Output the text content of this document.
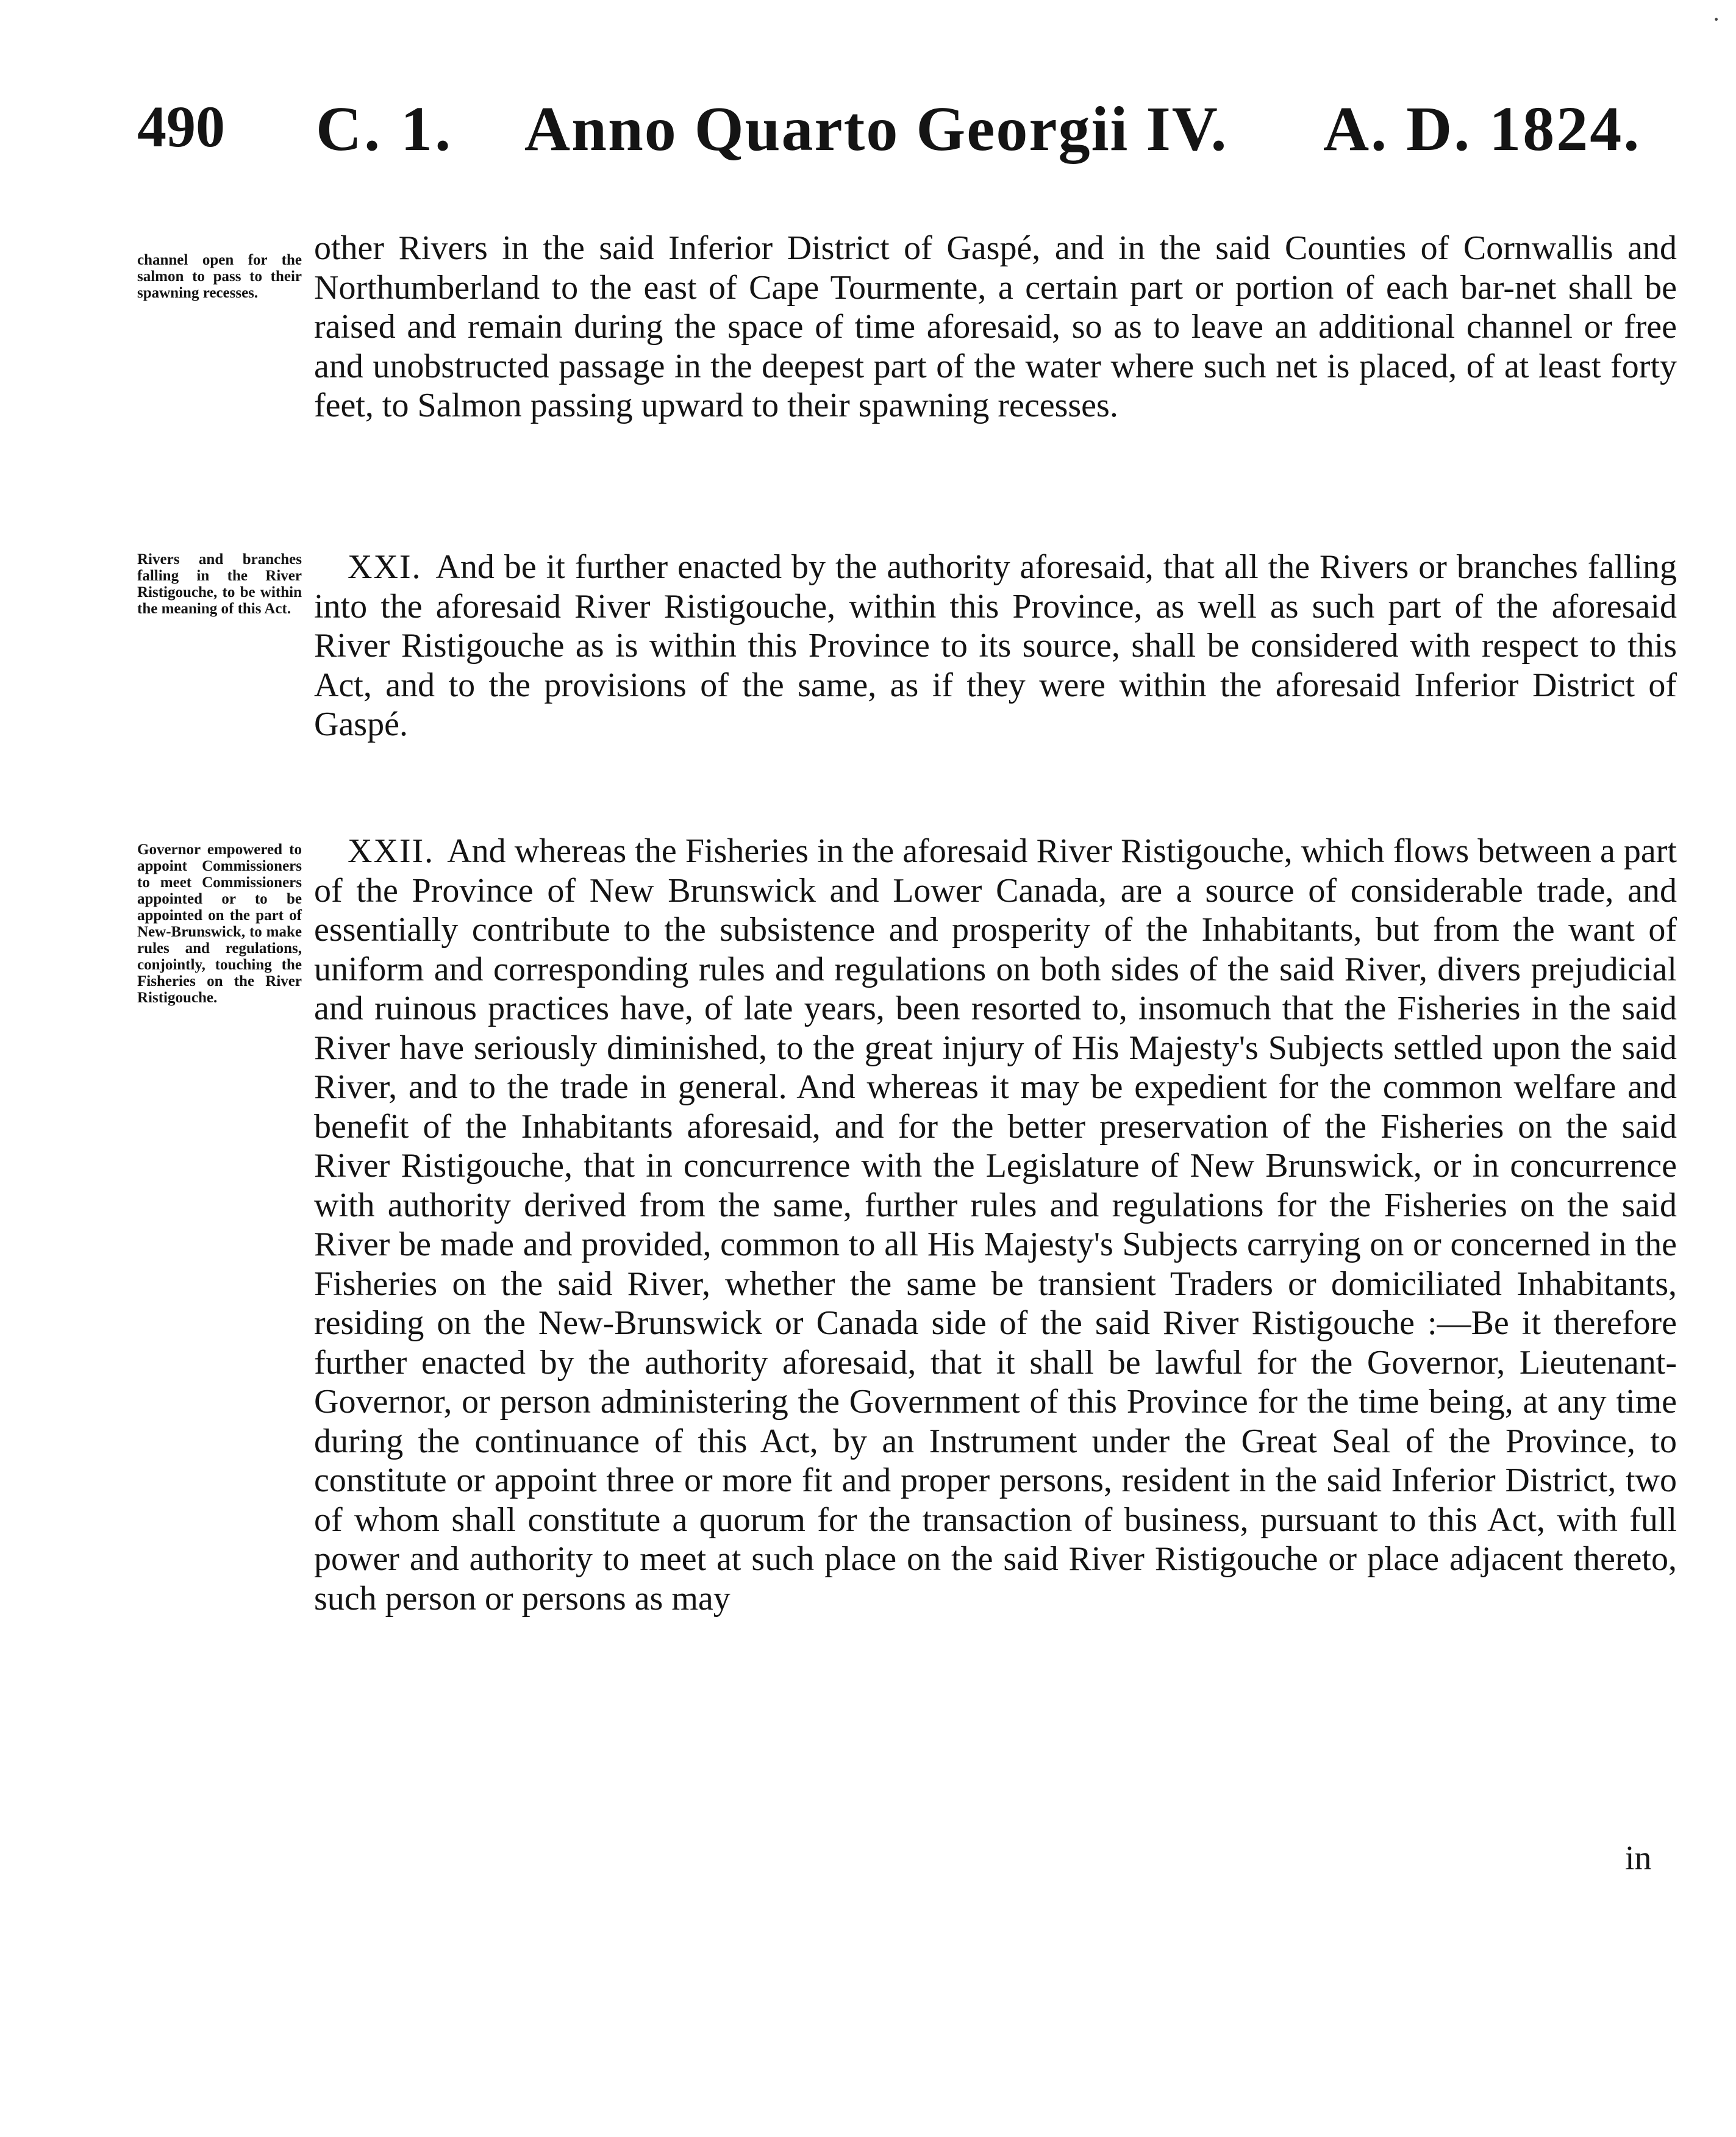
490 C. 1. Anno Quarto Georgii IV. A. D. 1824.
channel open for the salmon to pass to their spawning recesses.

other Rivers in the said Inferior District of Gaspé, and in the said Counties of Cornwallis and Northumberland to the east of Cape Tourmente, a certain part or portion of each bar-net shall be raised and remain during the space of time aforesaid, so as to leave an additional channel or free and unobstructed passage in the deepest part of the water where such net is placed, of at least forty feet, to Salmon passing upward to their spawning recesses.

Rivers and branches falling in the River Ristigouche, to be within the meaning of this Act.

XXI. And be it further enacted by the authority aforesaid, that all the Rivers or branches falling into the aforesaid River Ristigouche, within this Province, as well as such part of the aforesaid River Ristigouche as is within this Province to its source, shall be considered with respect to this Act, and to the provisions of the same, as if they were within the aforesaid Inferior District of Gaspé.

Governor empowered to appoint Commissioners to meet Commissioners appointed or to be appointed on the part of New-Brunswick, to make rules and regulations, conjointly, touching the Fisheries on the River Ristigouche.

XXII. And whereas the Fisheries in the aforesaid River Ristigouche, which flows between a part of the Province of New Brunswick and Lower Canada, are a source of considerable trade, and essentially contribute to the subsistence and prosperity of the Inhabitants, but from the want of uniform and corresponding rules and regulations on both sides of the said River, divers prejudicial and ruinous practices have, of late years, been resorted to, insomuch that the Fisheries in the said River have seriously diminished, to the great injury of His Majesty's Subjects settled upon the said River, and to the trade in general. And whereas it may be expedient for the common welfare and benefit of the Inhabitants aforesaid, and for the better preservation of the Fisheries on the said River Ristigouche, that in concurrence with the Legislature of New Brunswick, or in concurrence with authority derived from the same, further rules and regulations for the Fisheries on the said River be made and provided, common to all His Majesty's Subjects carrying on or concerned in the Fisheries on the said River, whether the same be transient Traders or domiciliated Inhabitants, residing on the New-Brunswick or Canada side of the said River Ristigouche :—Be it therefore further enacted by the authority aforesaid, that it shall be lawful for the Governor, Lieutenant-Governor, or person administering the Government of this Province for the time being, at any time during the continuance of this Act, by an Instrument under the Great Seal of the Province, to constitute or appoint three or more fit and proper persons, resident in the said Inferior District, two of whom shall constitute a quorum for the transaction of business, pursuant to this Act, with full power and authority to meet at such place on the said River Ristigouche or place adjacent thereto, such person or persons as may

in
·
